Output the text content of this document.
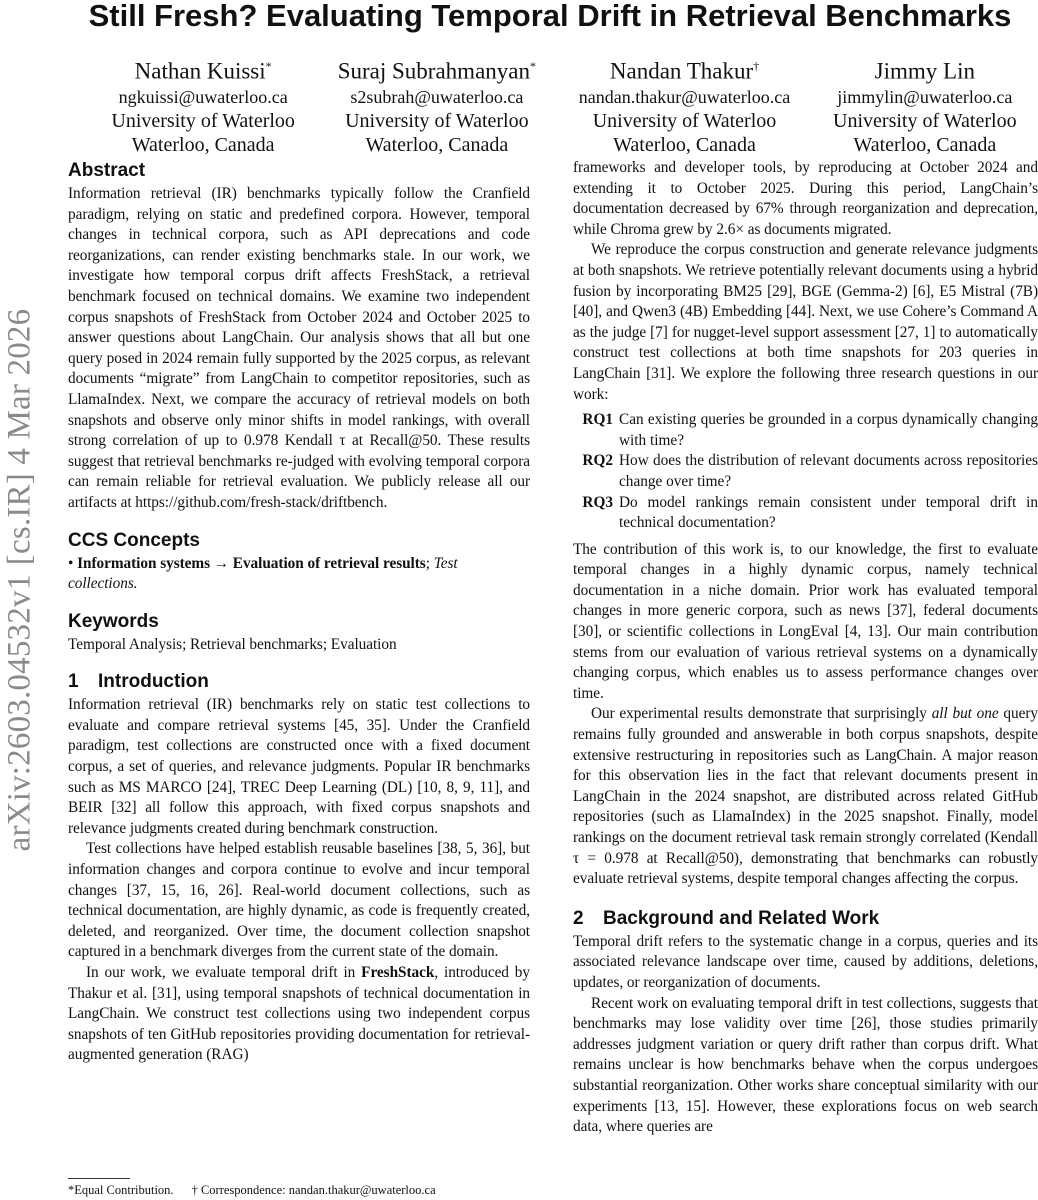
arXiv:2603.04532v1 [cs.IR] 4 Mar 2026
Still Fresh? Evaluating Temporal Drift in Retrieval Benchmarks
Nathan Kuissi*
ngkuissi@uwaterloo.ca
University of Waterloo
Waterloo, Canada
Suraj Subrahmanyan*
s2subrah@uwaterloo.ca
University of Waterloo
Waterloo, Canada
Nandan Thakur†
nandan.thakur@uwaterloo.ca
University of Waterloo
Waterloo, Canada
Jimmy Lin
jimmylin@uwaterloo.ca
University of Waterloo
Waterloo, Canada
Abstract

Information retrieval (IR) benchmarks typically follow the Cranfield paradigm, relying on static and predefined corpora. However, temporal changes in technical corpora, such as API deprecations and code reorganizations, can render existing benchmarks stale. In our work, we investigate how temporal corpus drift affects FreshStack, a retrieval benchmark focused on technical domains. We examine two independent corpus snapshots of FreshStack from October 2024 and October 2025 to answer questions about LangChain. Our analysis shows that all but one query posed in 2024 remain fully supported by the 2025 corpus, as relevant documents “migrate” from LangChain to competitor repositories, such as LlamaIndex. Next, we compare the accuracy of retrieval models on both snapshots and observe only minor shifts in model rankings, with overall strong correlation of up to 0.978 Kendall τ at Recall@50. These results suggest that retrieval benchmarks re-judged with evolving temporal corpora can remain reliable for retrieval evaluation. We publicly release all our artifacts at https://github.com/fresh-stack/driftbench.

CCS Concepts

• Information systems → Evaluation of retrieval results; Test collections.

Keywords

Temporal Analysis; Retrieval benchmarks; Evaluation

1 Introduction

Information retrieval (IR) benchmarks rely on static test collections to evaluate and compare retrieval systems [45, 35]. Under the Cranfield paradigm, test collections are constructed once with a fixed document corpus, a set of queries, and relevance judgments. Popular IR benchmarks such as MS MARCO [24], TREC Deep Learning (DL) [10, 8, 9, 11], and BEIR [32] all follow this approach, with fixed corpus snapshots and relevance judgments created during benchmark construction.

Test collections have helped establish reusable baselines [38, 5, 36], but information changes and corpora continue to evolve and incur temporal changes [37, 15, 16, 26]. Real-world document collections, such as technical documentation, are highly dynamic, as code is frequently created, deleted, and reorganized. Over time, the document collection snapshot captured in a benchmark diverges from the current state of the domain.

In our work, we evaluate temporal drift in FreshStack, introduced by Thakur et al. [31], using temporal snapshots of technical documentation in LangChain. We construct test collections using two independent corpus snapshots of ten GitHub repositories providing documentation for retrieval-augmented generation (RAG)

frameworks and developer tools, by reproducing at October 2024 and extending it to October 2025. During this period, LangChain’s documentation decreased by 67% through reorganization and deprecation, while Chroma grew by 2.6× as documents migrated.

We reproduce the corpus construction and generate relevance judgments at both snapshots. We retrieve potentially relevant documents using a hybrid fusion by incorporating BM25 [29], BGE (Gemma-2) [6], E5 Mistral (7B) [40], and Qwen3 (4B) Embedding [44]. Next, we use Cohere’s Command A as the judge [7] for nugget-level support assessment [27, 1] to automatically construct test collections at both time snapshots for 203 queries in LangChain [31]. We explore the following three research questions in our work:

RQ1 Can existing queries be grounded in a corpus dynamically changing with time?
RQ2 How does the distribution of relevant documents across repositories change over time?
RQ3 Do model rankings remain consistent under temporal drift in technical documentation?

The contribution of this work is, to our knowledge, the first to evaluate temporal changes in a highly dynamic corpus, namely technical documentation in a niche domain. Prior work has evaluated temporal changes in more generic corpora, such as news [37], federal documents [30], or scientific collections in LongEval [4, 13]. Our main contribution stems from our evaluation of various retrieval systems on a dynamically changing corpus, which enables us to assess performance changes over time.

Our experimental results demonstrate that surprisingly all but one query remains fully grounded and answerable in both corpus snapshots, despite extensive restructuring in repositories such as LangChain. A major reason for this observation lies in the fact that relevant documents present in LangChain in the 2024 snapshot, are distributed across related GitHub repositories (such as LlamaIndex) in the 2025 snapshot. Finally, model rankings on the document retrieval task remain strongly correlated (Kendall τ = 0.978 at Recall@50), demonstrating that benchmarks can robustly evaluate retrieval systems, despite temporal changes affecting the corpus.

2 Background and Related Work

Temporal drift refers to the systematic change in a corpus, queries and its associated relevance landscape over time, caused by additions, deletions, updates, or reorganization of documents.

Recent work on evaluating temporal drift in test collections, suggests that benchmarks may lose validity over time [26], those studies primarily addresses judgment variation or query drift rather than corpus drift. What remains unclear is how benchmarks behave when the corpus undergoes substantial reorganization. Other works share conceptual similarity with our experiments [13, 15]. However, these explorations focus on web search data, where queries are

*Equal Contribution. † Correspondence: nandan.thakur@uwaterloo.ca
